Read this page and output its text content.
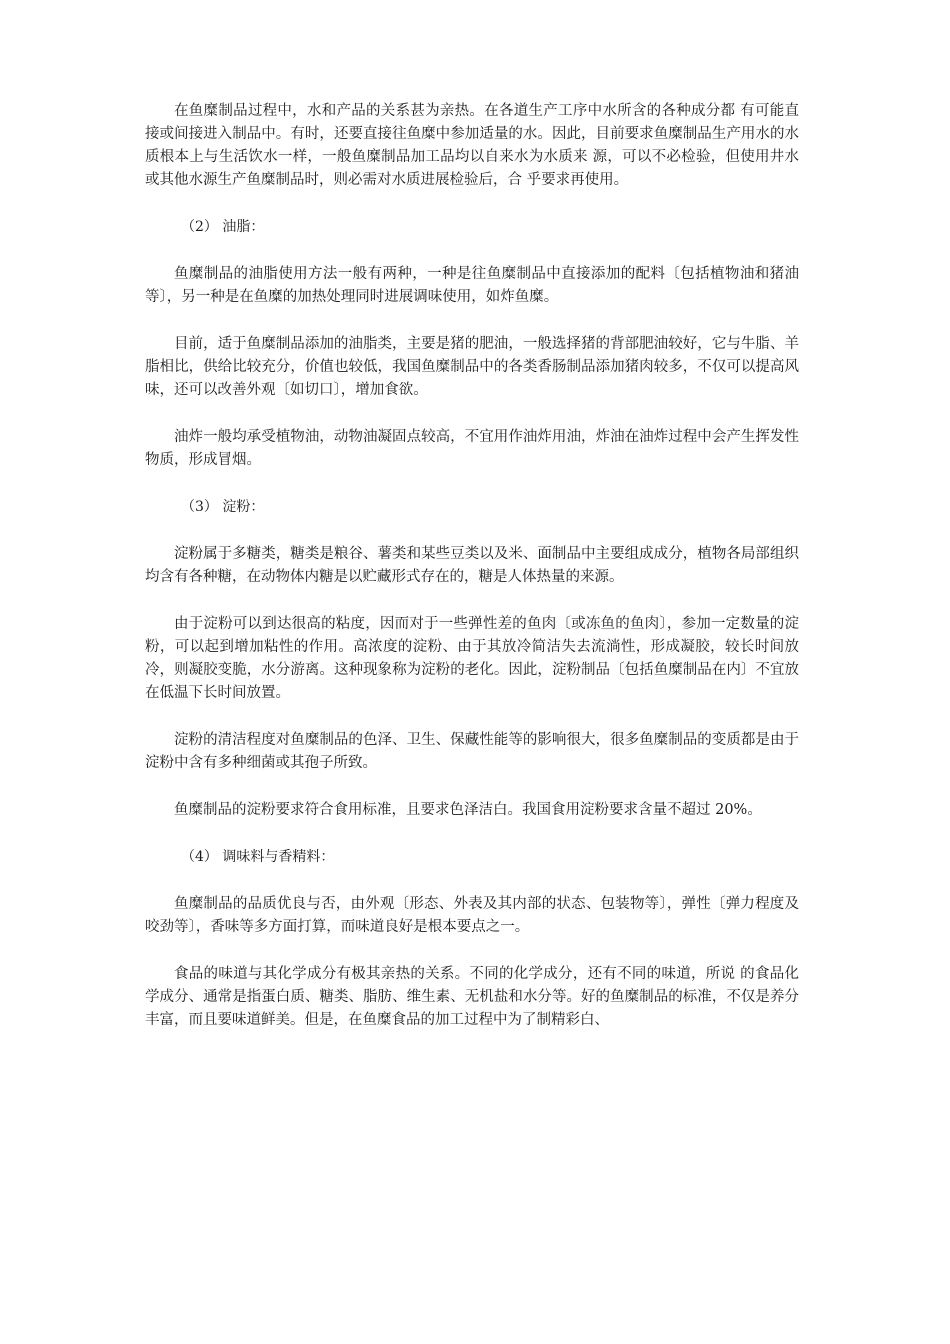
在鱼糜制品过程中，水和产品的关系甚为亲热。在各道生产工序中水所含的各种成分都 有可能直接或间接进入制品中。有时，还要直接往鱼糜中参加适量的水。因此，目前要求鱼糜制品生产用水的水质根本上与生活饮水一样，一般鱼糜制品加工品均以自来水为水质来 源，可以不必检验，但使用井水或其他水源生产鱼糜制品时，则必需对水质进展检验后，合 乎要求再使用。

（2） 油脂：

鱼糜制品的油脂使用方法一般有两种，一种是往鱼糜制品中直接添加的配料〔包括植物油和猪油等〕，另一种是在鱼糜的加热处理同时进展调味使用，如炸鱼糜。

目前，适于鱼糜制品添加的油脂类，主要是猪的肥油，一般选择猪的背部肥油较好，它与牛脂、羊脂相比，供给比较充分，价值也较低，我国鱼糜制品中的各类香肠制品添加猪肉较多，不仅可以提高风味，还可以改善外观〔如切口〕，增加食欲。

油炸一般均承受植物油，动物油凝固点较高，不宜用作油炸用油，炸油在油炸过程中会产生挥发性物质，形成冒烟。

（3） 淀粉：

淀粉属于多糖类，糖类是粮谷、薯类和某些豆类以及米、面制品中主要组成成分，植物各局部组织均含有各种糖，在动物体内糖是以贮藏形式存在的，糖是人体热量的来源。

由于淀粉可以到达很高的粘度，因而对于一些弹性差的鱼肉〔或冻鱼的鱼肉〕，参加一定数量的淀粉，可以起到增加粘性的作用。高浓度的淀粉、由于其放冷简洁失去流淌性，形成凝胶，较长时间放冷，则凝胶变脆，水分游离。这种现象称为淀粉的老化。因此，淀粉制品〔包括鱼糜制品在内〕不宜放在低温下长时间放置。

淀粉的清洁程度对鱼糜制品的色泽、卫生、保藏性能等的影响很大，很多鱼糜制品的变质都是由于淀粉中含有多种细菌或其孢子所致。

鱼糜制品的淀粉要求符合食用标准，且要求色泽洁白。我国食用淀粉要求含量不超过 20%。

（4） 调味料与香精料：

鱼糜制品的品质优良与否，由外观〔形态、外表及其内部的状态、包装物等〕，弹性〔弹力程度及咬劲等〕，香味等多方面打算，而味道良好是根本要点之一。

食品的味道与其化学成分有极其亲热的关系。不同的化学成分，还有不同的味道，所说 的食品化学成分、通常是指蛋白质、糖类、脂肪、维生素、无机盐和水分等。好的鱼糜制品的标准，不仅是养分丰富，而且要味道鲜美。但是，在鱼糜食品的加工过程中为了制精彩白、
